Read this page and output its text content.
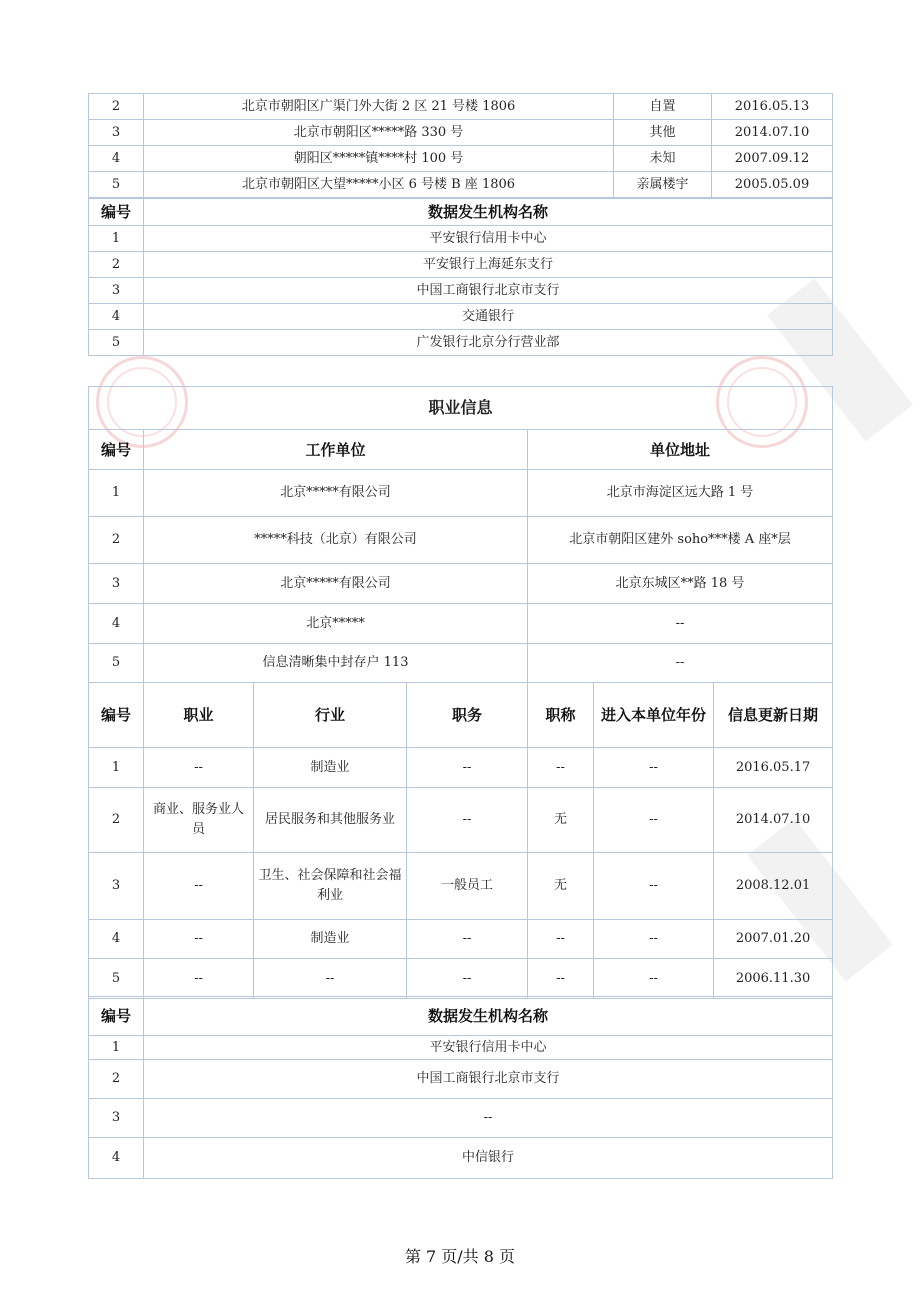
2	北京市朝阳区广渠门外大街 2 区 21 号楼 1806	自置	2016.05.13
3	北京市朝阳区*****路 330 号	其他	2014.07.10
4	朝阳区*****镇****村 100 号	未知	2007.09.12
5	北京市朝阳区大望*****小区 6 号楼 B 座 1806	亲属楼宇	2005.05.09
编号	数据发生机构名称
1	平安银行信用卡中心
2	平安银行上海延东支行
3	中国工商银行北京市支行
4	交通银行
5	广发银行北京分行营业部
职业信息						
编号	工作单位			单位地址		
1	北京*****有限公司			北京市海淀区远大路 1 号		
2	*****科技（北京）有限公司			北京市朝阳区建外 soho***楼 A 座*层		
3	北京*****有限公司			北京东城区**路 18 号		
4	北京*****			--		
5	信息清晰集中封存户 113			--		
编号	职业	行业	职务	职称	进入本单位年份	信息更新日期
1	--	制造业	--	--	--	2016.05.17
2	商业、服务业人员	居民服务和其他服务业	--	无	--	2014.07.10
3	--	卫生、社会保障和社会福利业	一般员工	无	--	2008.12.01
4	--	制造业	--	--	--	2007.01.20
5	--	--	--	--	--	2006.11.30
编号	数据发生机构名称
1	平安银行信用卡中心
2	中国工商银行北京市支行
3	--
4	中信银行
第 7 页/共 8 页
